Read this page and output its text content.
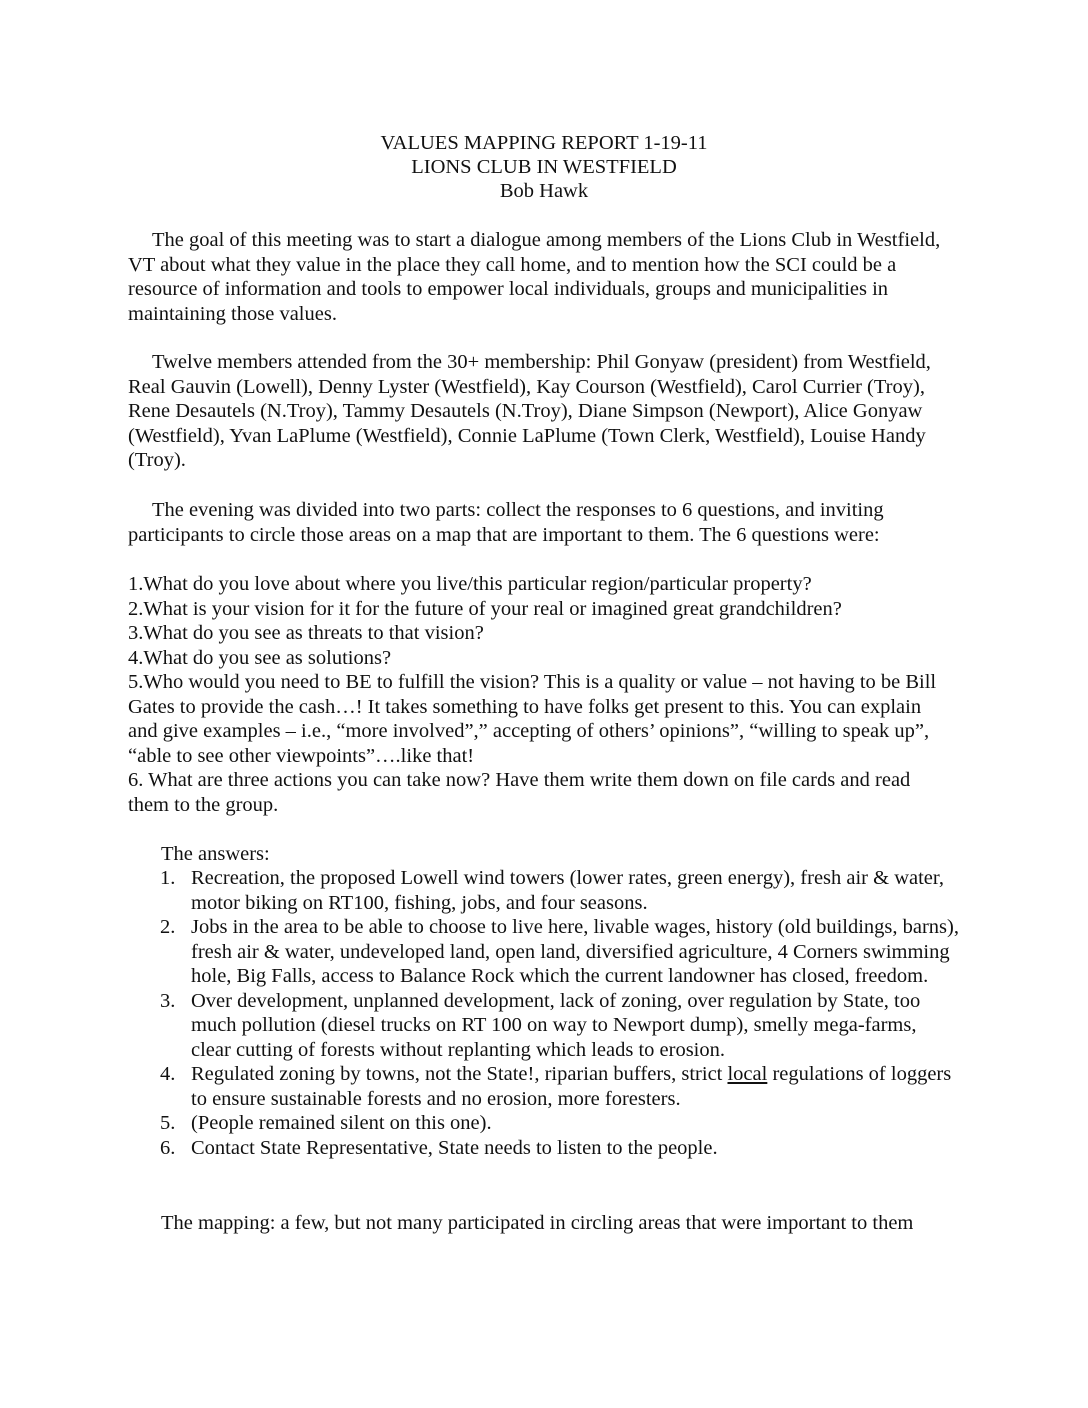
VALUES MAPPING REPORT 1-19-11
LIONS CLUB IN WESTFIELD
Bob Hawk

The goal of this meeting was to start a dialogue among members of the Lions Club in Westfield, VT about what they value in the place they call home, and to mention how the SCI could be a resource of information and tools to empower local individuals, groups and municipalities in maintaining those values.

Twelve members attended from the 30+ membership: Phil Gonyaw (president) from Westfield, Real Gauvin (Lowell), Denny Lyster (Westfield), Kay Courson (Westfield), Carol Currier (Troy), Rene Desautels (N.Troy), Tammy Desautels (N.Troy), Diane Simpson (Newport), Alice Gonyaw (Westfield), Yvan LaPlume (Westfield), Connie LaPlume (Town Clerk, Westfield), Louise Handy (Troy).

The evening was divided into two parts: collect the responses to 6 questions, and inviting participants to circle those areas on a map that are important to them. The 6 questions were:

1.What do you love about where you live/this particular region/particular property?
2.What is your vision for it for the future of your real or imagined great grandchildren?
3.What do you see as threats to that vision?
4.What do you see as solutions?
5.Who would you need to BE to fulfill the vision? This is a quality or value – not having to be Bill Gates to provide the cash…! It takes something to have folks get present to this. You can explain and give examples – i.e., “more involved”,” accepting of others’ opinions”, “willing to speak up”, “able to see other viewpoints”….like that!
6. What are three actions you can take now? Have them write them down on file cards and read them to the group.
The answers:
1. Recreation, the proposed Lowell wind towers (lower rates, green energy), fresh air & water, motor biking on RT100, fishing, jobs, and four seasons.
2. Jobs in the area to be able to choose to live here, livable wages, history (old buildings, barns), fresh air & water, undeveloped land, open land, diversified agriculture, 4 Corners swimming hole, Big Falls, access to Balance Rock which the current landowner has closed, freedom.
3. Over development, unplanned development, lack of zoning, over regulation by State, too much pollution (diesel trucks on RT 100 on way to Newport dump), smelly mega-farms, clear cutting of forests without replanting which leads to erosion.
4. Regulated zoning by towns, not the State!, riparian buffers, strict local regulations of loggers to ensure sustainable forests and no erosion, more foresters.
5. (People remained silent on this one).
6. Contact State Representative, State needs to listen to the people.
The mapping: a few, but not many participated in circling areas that were important to them
